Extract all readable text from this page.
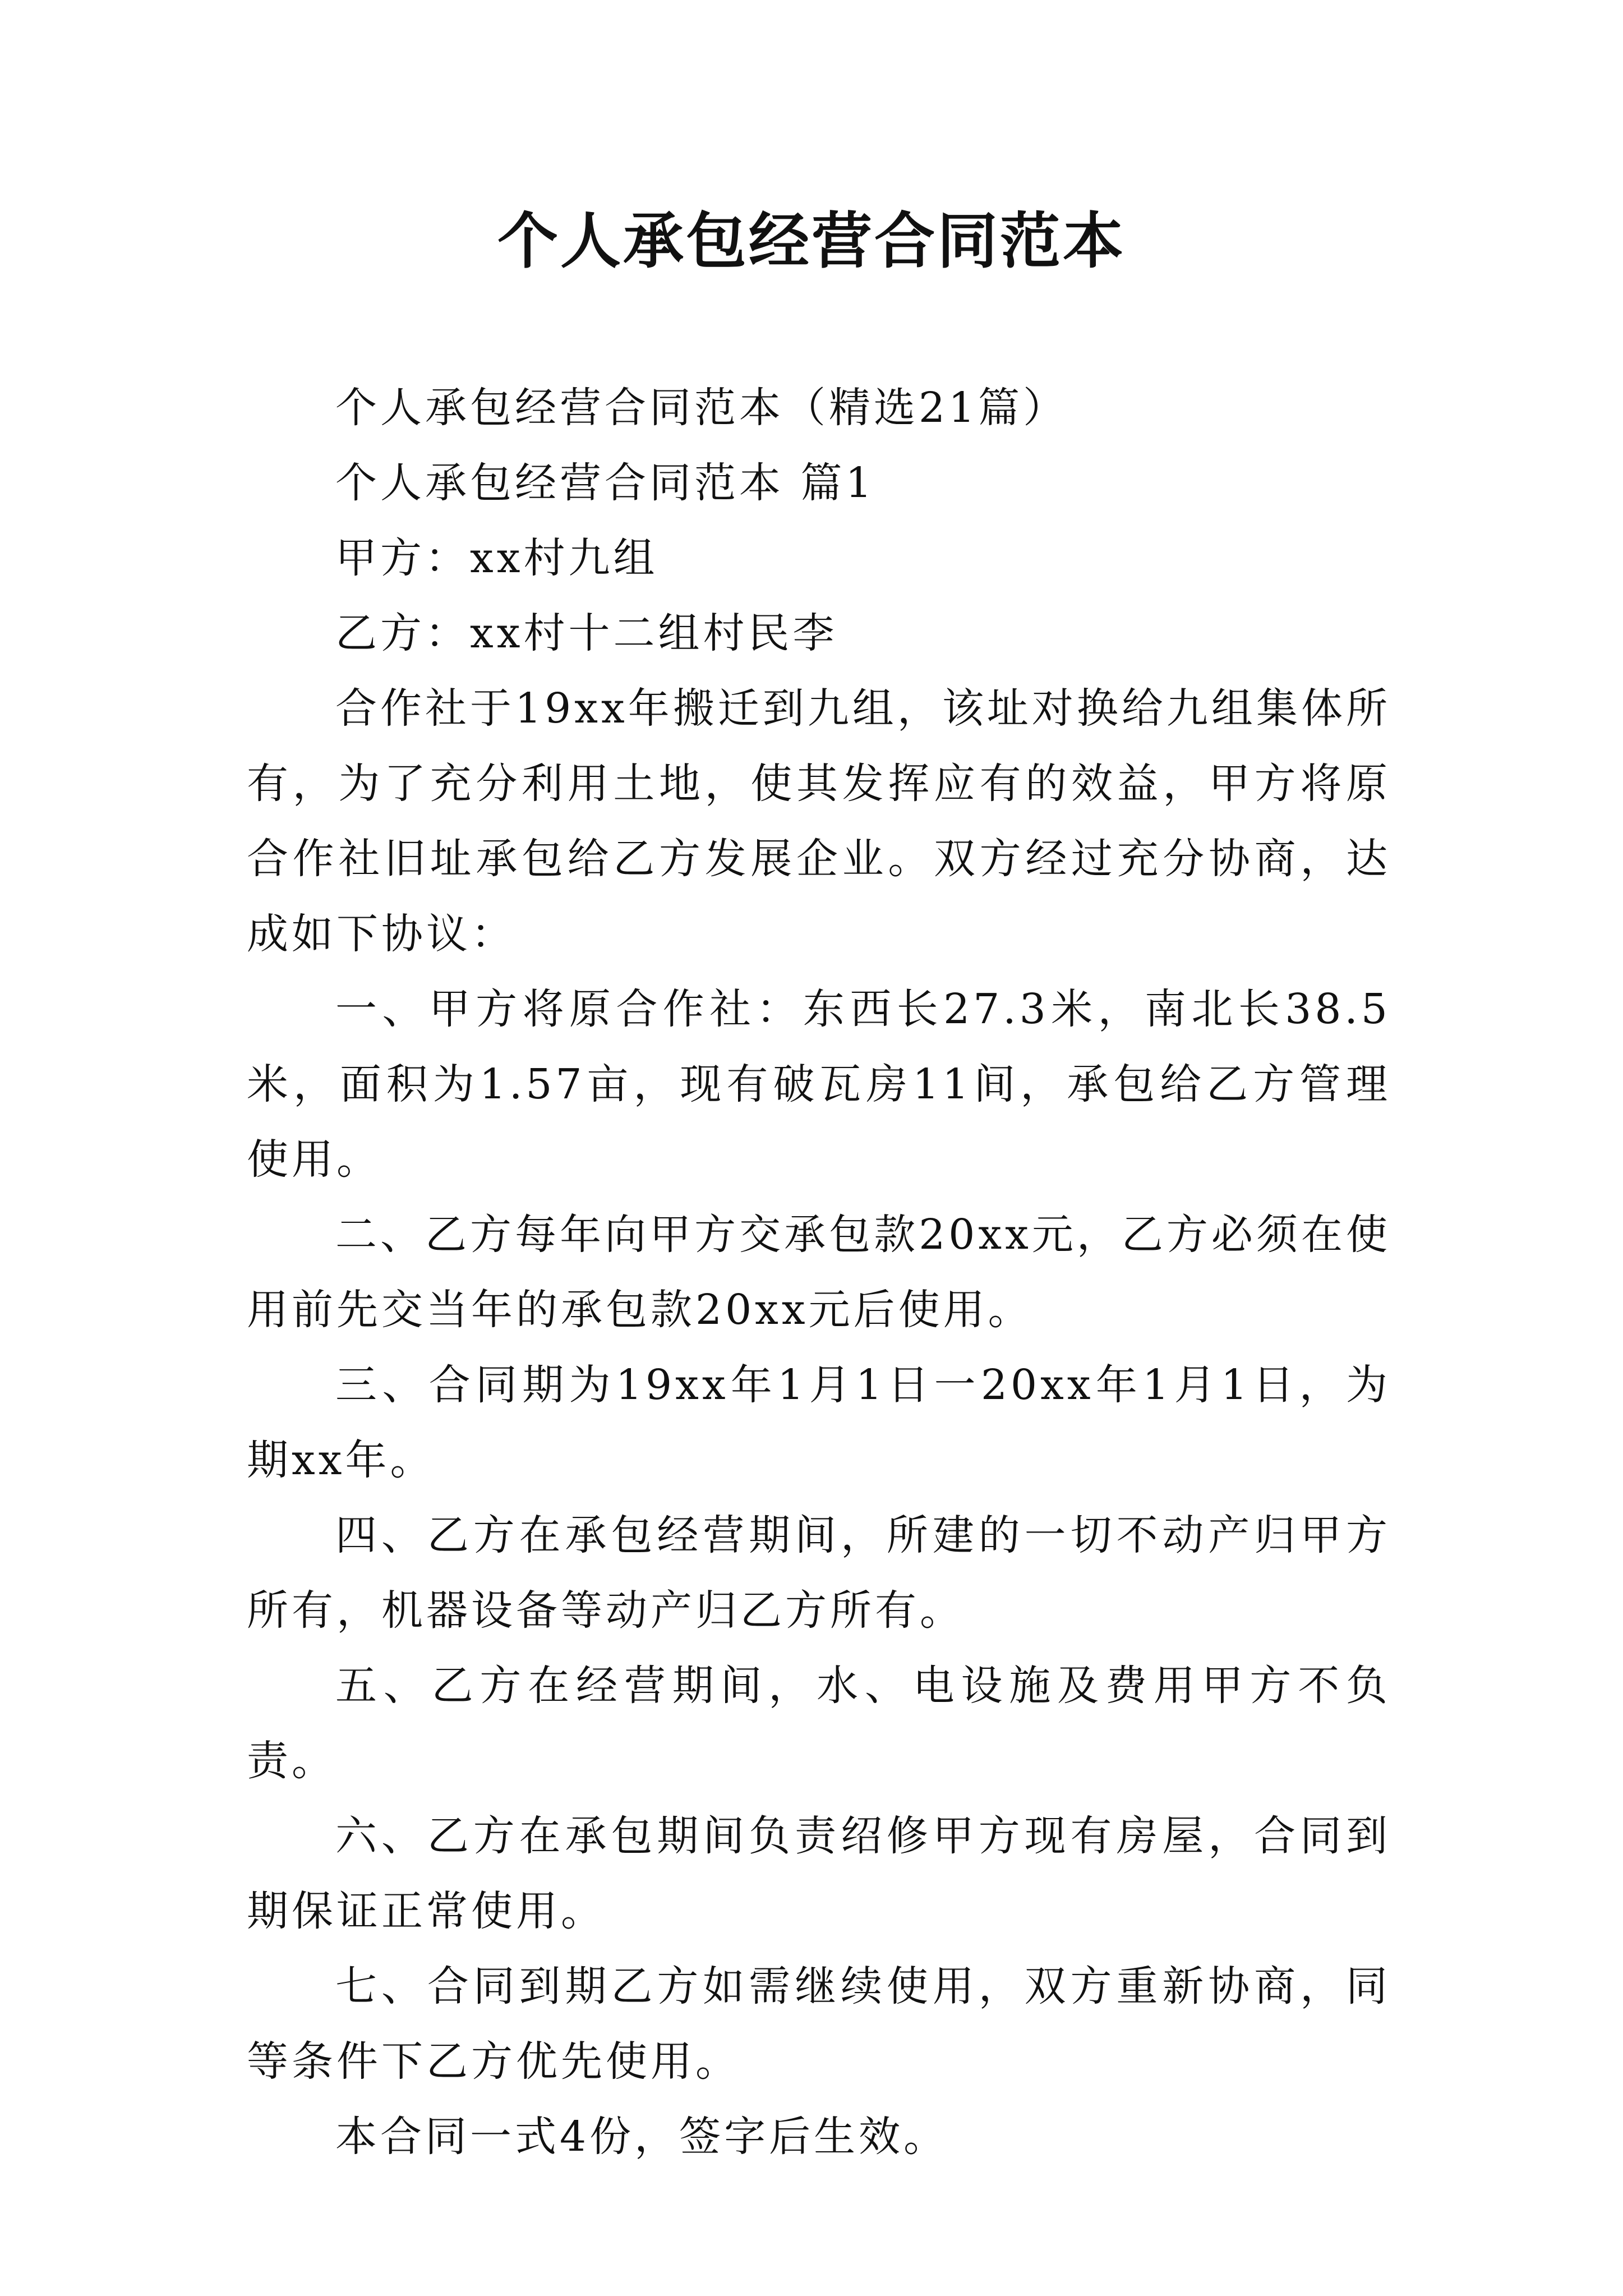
个人承包经营合同范本

个人承包经营合同范本（精选21篇）

个人承包经营合同范本 篇1

甲方：xx村九组

乙方：xx村十二组村民李

合作社于19xx年搬迁到九组，该址对换给九组集体所有，为了充分利用土地，使其发挥应有的效益，甲方将原合作社旧址承包给乙方发展企业。双方经过充分协商，达成如下协议：

一、甲方将原合作社：东西长27.3米，南北长38.5米，面积为1.57亩，现有破瓦房11间，承包给乙方管理使用。

二、乙方每年向甲方交承包款20xx元，乙方必须在使用前先交当年的承包款20xx元后使用。

三、合同期为19xx年1月1日一20xx年1月1日，为期xx年。

四、乙方在承包经营期间，所建的一切不动产归甲方所有，机器设备等动产归乙方所有。

五、乙方在经营期间，水、电设施及费用甲方不负责。

六、乙方在承包期间负责绍修甲方现有房屋，合同到期保证正常使用。

七、合同到期乙方如需继续使用，双方重新协商，同等条件下乙方优先使用。

本合同一式4份，签字后生效。
